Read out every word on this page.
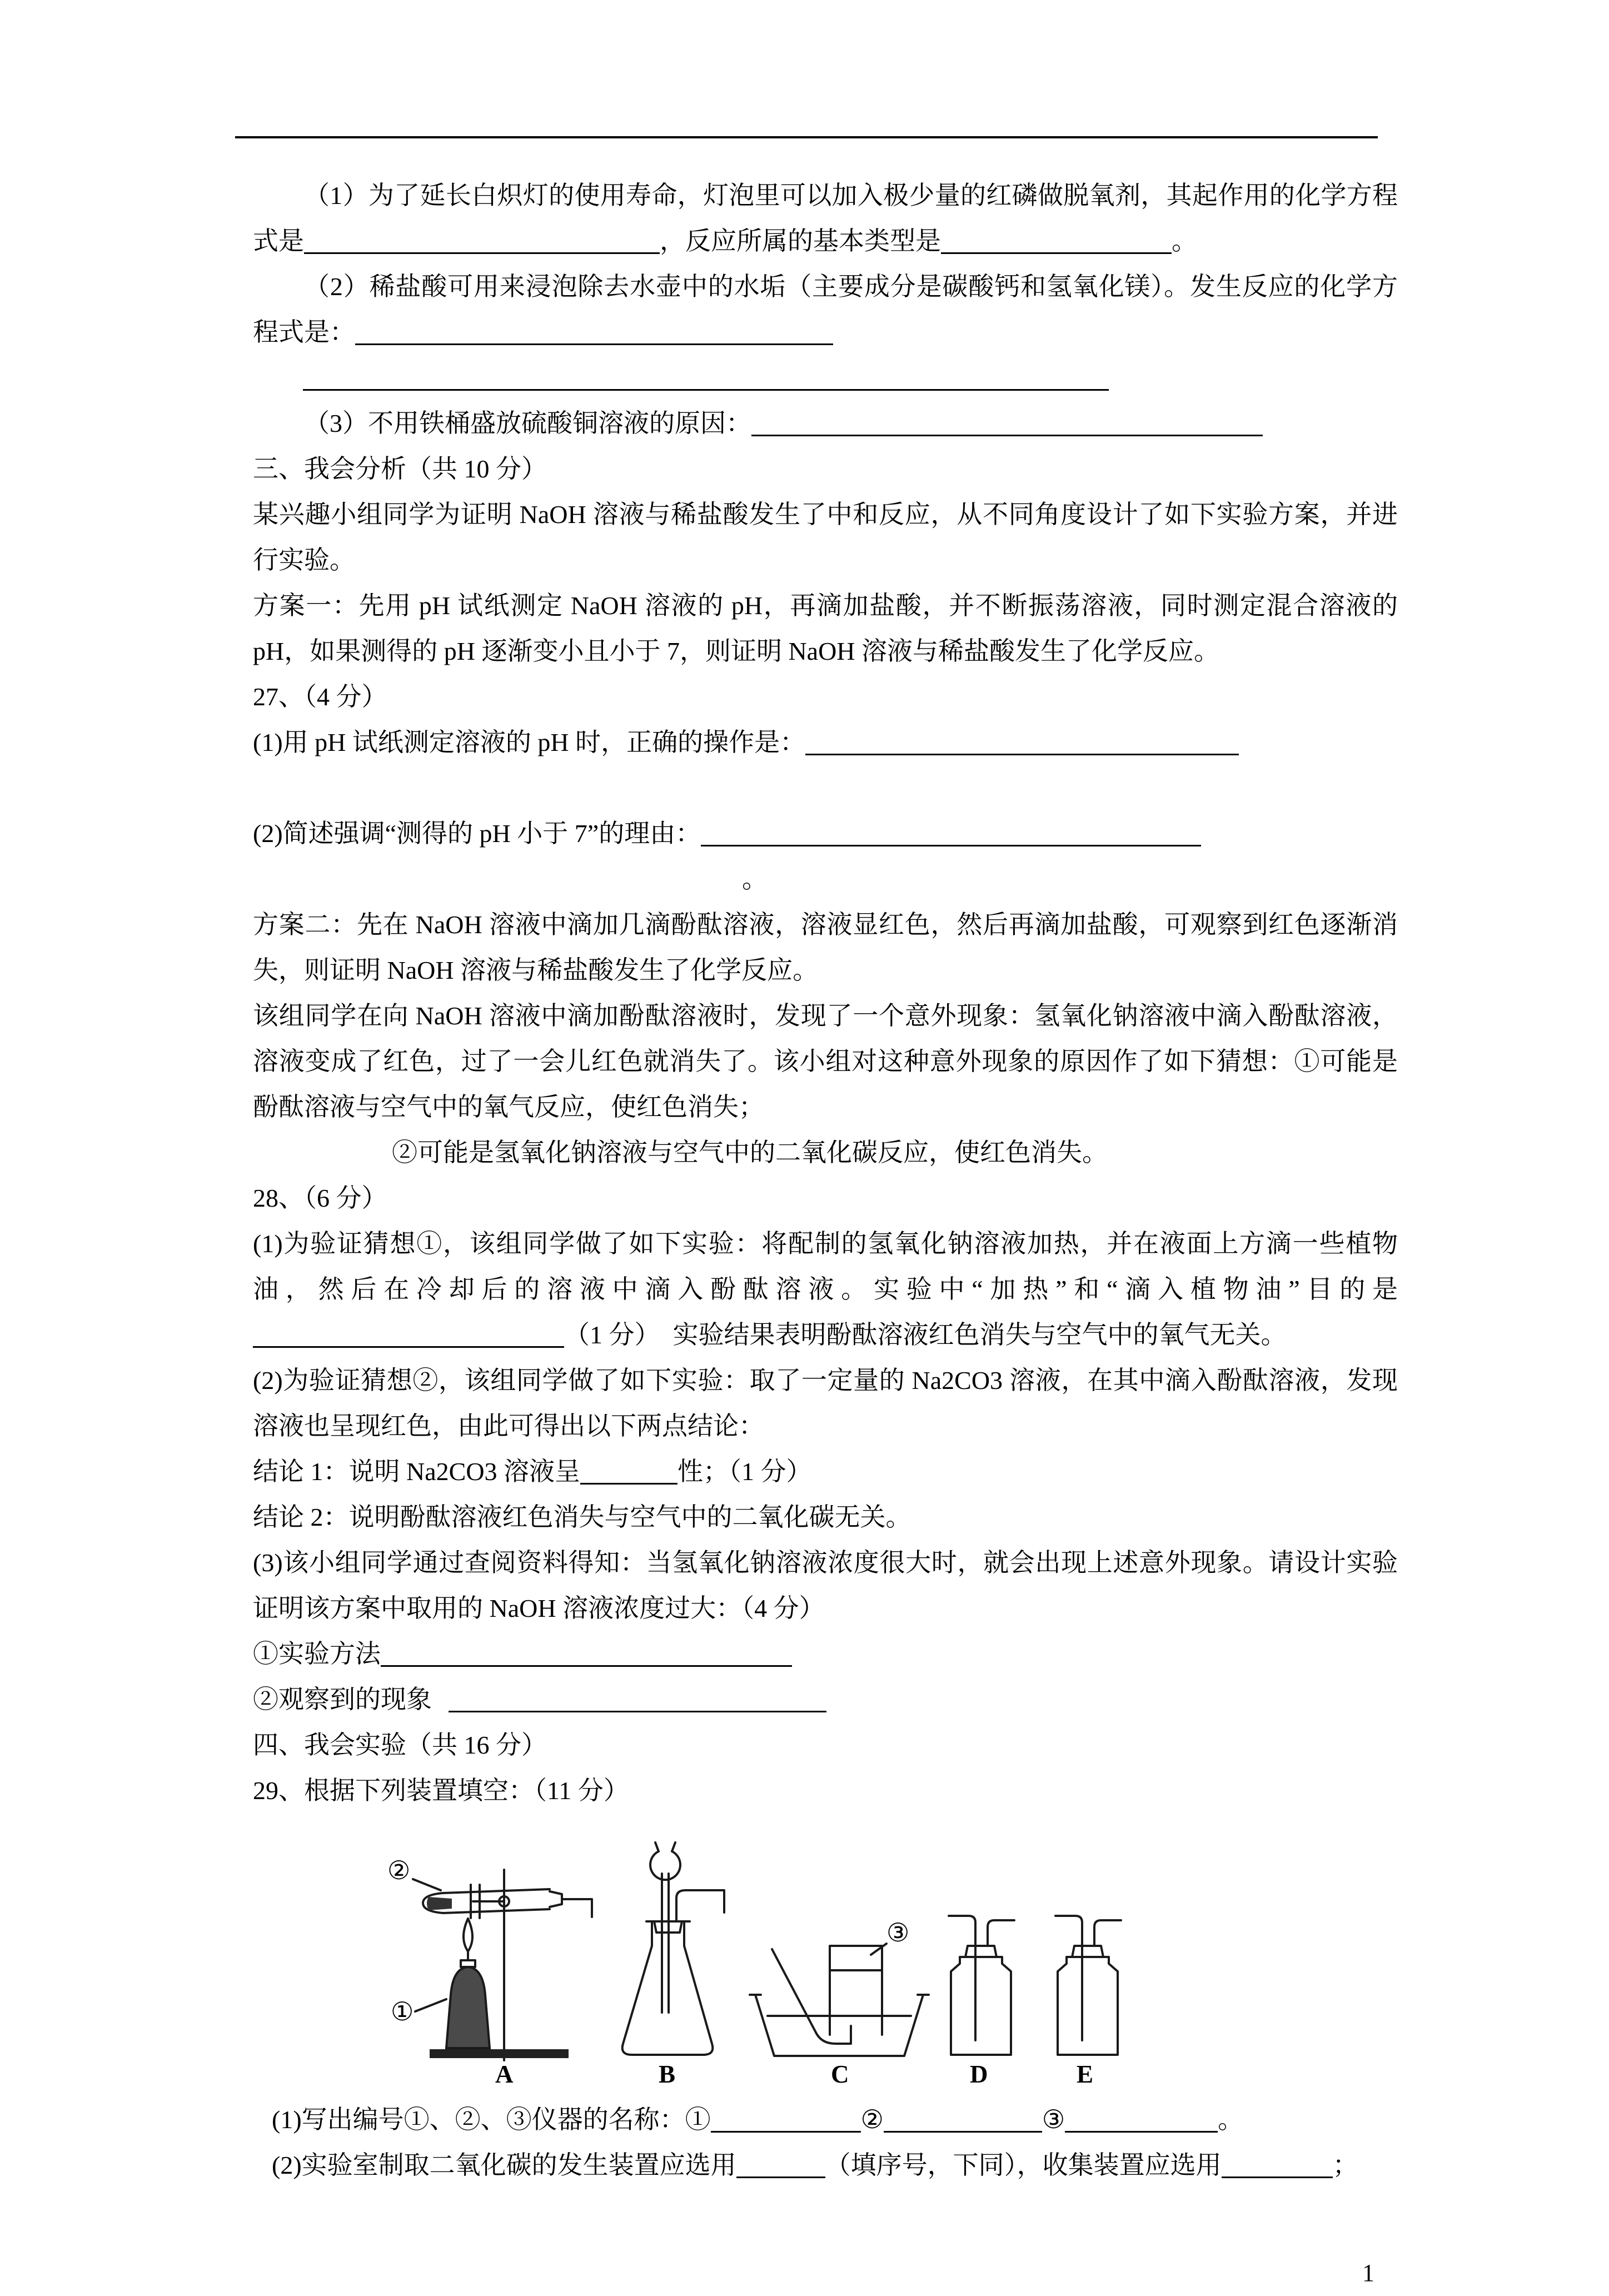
（1）为了延长白炽灯的使用寿命，灯泡里可以加入极少量的红磷做脱氧剂，其起作用的化学方程式是	，反应所属的基本类型是	。

（2）稀盐酸可用来浸泡除去水壶中的水垢（主要成分是碳酸钙和氢氧化镁）。发生反应的化学方程式是：

（3）不用铁桶盛放硫酸铜溶液的原因：

三、我会分析（共 10 分）

某兴趣小组同学为证明 NaOH 溶液与稀盐酸发生了中和反应，从不同角度设计了如下实验方案，并进行实验。

方案一：先用 pH 试纸测定 NaOH 溶液的 pH，再滴加盐酸，并不断振荡溶液，同时测定混合溶液的 pH，如果测得的 pH 逐渐变小且小于 7，则证明 NaOH 溶液与稀盐酸发生了化学反应。

27、（4 分）

(1)用 pH 试纸测定溶液的 pH 时，正确的操作是：

(2)简述强调“测得的 pH 小于 7”的理由：

。

方案二：先在 NaOH 溶液中滴加几滴酚酞溶液，溶液显红色，然后再滴加盐酸，可观察到红色逐渐消失，则证明 NaOH 溶液与稀盐酸发生了化学反应。

该组同学在向 NaOH 溶液中滴加酚酞溶液时，发现了一个意外现象：氢氧化钠溶液中滴入酚酞溶液，溶液变成了红色，过了一会儿红色就消失了。该小组对这种意外现象的原因作了如下猜想：①可能是酚酞溶液与空气中的氧气反应，使红色消失；

②可能是氢氧化钠溶液与空气中的二氧化碳反应，使红色消失。

28、（6 分）

(1)为验证猜想①，该组同学做了如下实验：将配制的氢氧化钠溶液加热，并在液面上方滴一些植物油，然后在冷却后的溶液中滴入酚酞溶液。实验中“加热”和“滴入植物油”目的是（1 分）　实验结果表明酚酞溶液红色消失与空气中的氧气无关。

(2)为验证猜想②，该组同学做了如下实验：取了一定量的 Na2CO3 溶液，在其中滴入酚酞溶液，发现溶液也呈现红色，由此可得出以下两点结论：

结论 1：说明 Na2CO3 溶液呈	性；（1 分）

结论 2：说明酚酞溶液红色消失与空气中的二氧化碳无关。

(3)该小组同学通过查阅资料得知：当氢氧化钠溶液浓度很大时，就会出现上述意外现象。请设计实验证明该方案中取用的 NaOH 溶液浓度过大：（4 分）

①实验方法

②观察到的现象

四、我会实验（共 16 分）

29、根据下列装置填空：（11 分）

②
①
A	B
③
C	D	E

(1)写出编号①、②、③仪器的名称：①	②	③	。

(2)实验室制取二氧化碳的发生装置应选用	（填序号，下同），收集装置应选用	；

1
